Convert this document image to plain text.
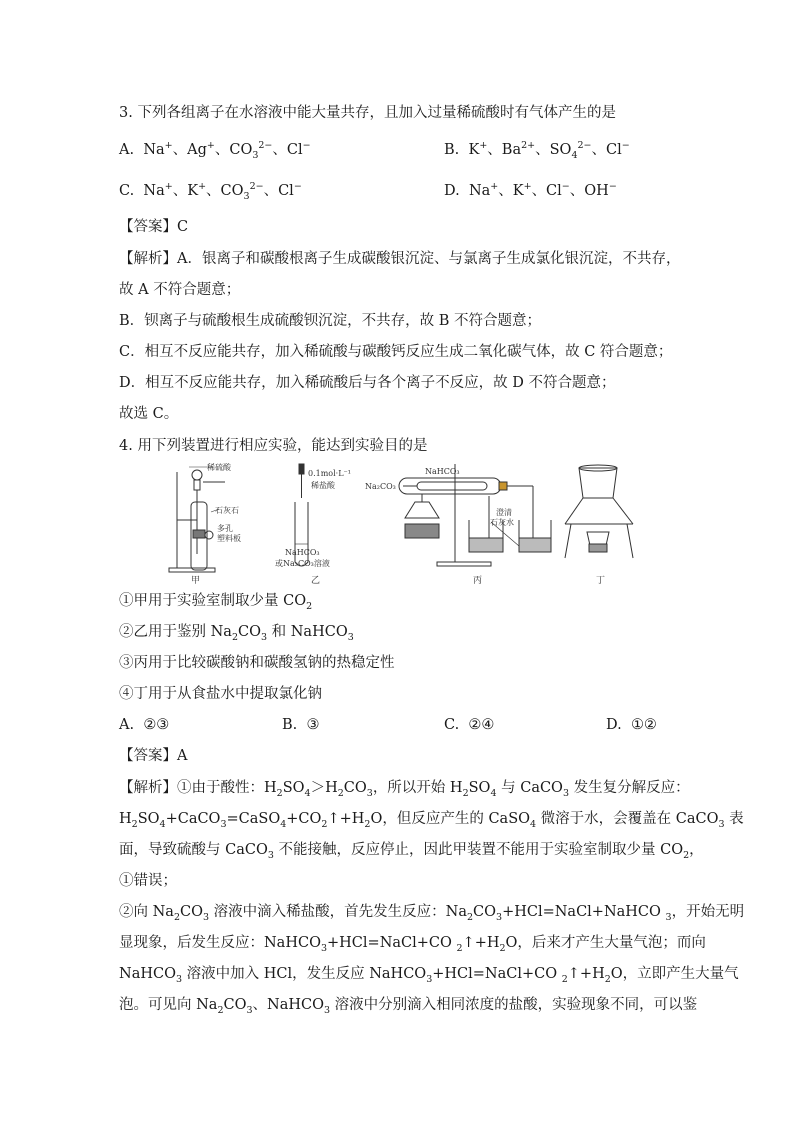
3. 下列各组离子在水溶液中能大量共存，且加入过量稀硫酸时有气体产生的是
A. Na+、Ag+、$CO_3^{2-}$、Cl−	B. K+、$Ba^{2+}$、$SO_4^{2-}$、Cl−
C. Na+、K+、$CO_3^{2-}$、Cl−	D. Na+、K+、Cl−、OH−
【答案】C
【解析】A．银离子和碳酸根离子生成碳酸银沉淀、与氯离子生成氯化银沉淀，不共存，
故 A 不符合题意；
B．钡离子与硫酸根生成硫酸钡沉淀，不共存，故 B 不符合题意；
C．相互不反应能共存，加入稀硫酸与碳酸钙反应生成二氧化碳气体，故 C 符合题意；
D．相互不反应能共存，加入稀硫酸后与各个离子不反应，故 D 不符合题意；
故选 C。
4. 用下列装置进行相应实验，能达到实验目的是
稀硫酸
石灰石
多孔
塑料板
甲
0.1mol·L⁻¹
稀盐酸
NaHCO₃
或Na₂CO₃溶液
乙
NaHCO₃
Na₂CO₃
澄清
石灰水
丙	丁
①甲用于实验室制取少量 $CO_2$
②乙用于鉴别 $Na_2CO_3$ 和 NaHCO$_3$
③丙用于比较碳酸钠和碳酸氢钠的热稳定性
④丁用于从食盐水中提取氯化钠
A. ②③	B. ③	C. ②④	D. ①②
【答案】A
【解析】①由于酸性：$H_2SO_4>H_2CO_3$，所以开始 $H_2SO_4$ 与 CaCO$_3$ 发生复分解反应：
$H_2SO_4+CaCO_3=CaSO_4+CO_2↑+H_2O$，但反应产生的 CaSO$_4$ 微溶于水，会覆盖在 CaCO$_3$ 表
面，导致硫酸与 CaCO$_3$ 不能接触，反应停止，因此甲装置不能用于实验室制取少量 $CO_2$，
①错误；
②向 $Na_2CO_3$ 溶液中滴入稀盐酸，首先发生反应：$Na_2CO_3+HCl=NaCl+NaHCO$ $_3$，开始无明
显现象，后发生反应：NaHCO$_3$+HCl=NaCl+CO $_2↑+H_2O$，后来才产生大量气泡；而向
NaHCO$_3$ 溶液中加入 HCl，发生反应 NaHCO$_3$+HCl=NaCl+CO $_2↑+H_2O$，立即产生大量气
泡。可见向 $Na_2CO_3$、NaHCO$_3$ 溶液中分别滴入相同浓度的盐酸，实验现象不同，可以鉴
